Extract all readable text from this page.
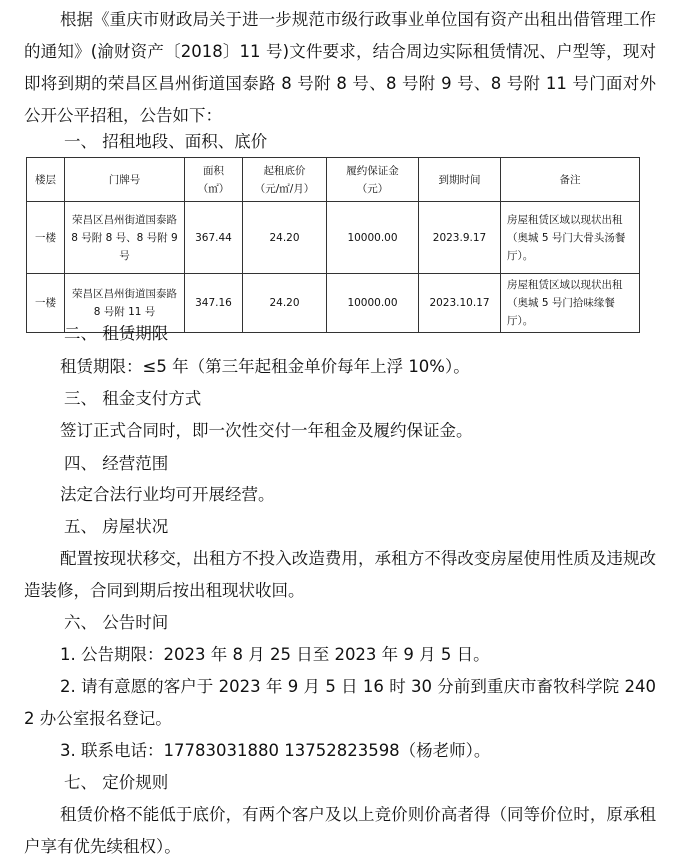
根据《重庆市财政局关于进一步规范市级行政事业单位国有资产出租出借管理工作的通知》(渝财资产〔2018〕11 号)文件要求，结合周边实际租赁情况、户型等，现对即将到期的荣昌区昌州街道国泰路 8 号附 8 号、8 号附 9 号、8 号附 11 号门面对外公开公平招租，公告如下：

一、 招租地段、面积、底价

楼层	门牌号	面积
（㎡）	起租底价
（元/㎡/月）	履约保证金
（元）	到期时间	备注
一楼	荣昌区昌州街道国泰路 8 号附 8 号、8 号附 9 号	367.44	24.20	10000.00	2023.9.17	房屋租赁区域以现状出租（奥城 5 号门大骨头汤餐厅）。
一楼	荣昌区昌州街道国泰路 8 号附 11 号	347.16	24.20	10000.00	2023.10.17	房屋租赁区域以现状出租（奥城 5 号门拾味缘餐厅）。

二、 租赁期限

租赁期限：≤5 年（第三年起租金单价每年上浮 10%）。

三、 租金支付方式

签订正式合同时，即一次性交付一年租金及履约保证金。

四、 经营范围

法定合法行业均可开展经营。

五、 房屋状况

配置按现状移交，出租方不投入改造费用，承租方不得改变房屋使用性质及违规改造装修，合同到期后按出租现状收回。

六、 公告时间

1. 公告期限：2023 年 8 月 25 日至 2023 年 9 月 5 日。

2. 请有意愿的客户于 2023 年 9 月 5 日 16 时 30 分前到重庆市畜牧科学院 2402 办公室报名登记。

3. 联系电话：17783031880 13752823598（杨老师）。

七、 定价规则

租赁价格不能低于底价，有两个客户及以上竞价则价高者得（同等价位时，原承租户享有优先续租权）。
